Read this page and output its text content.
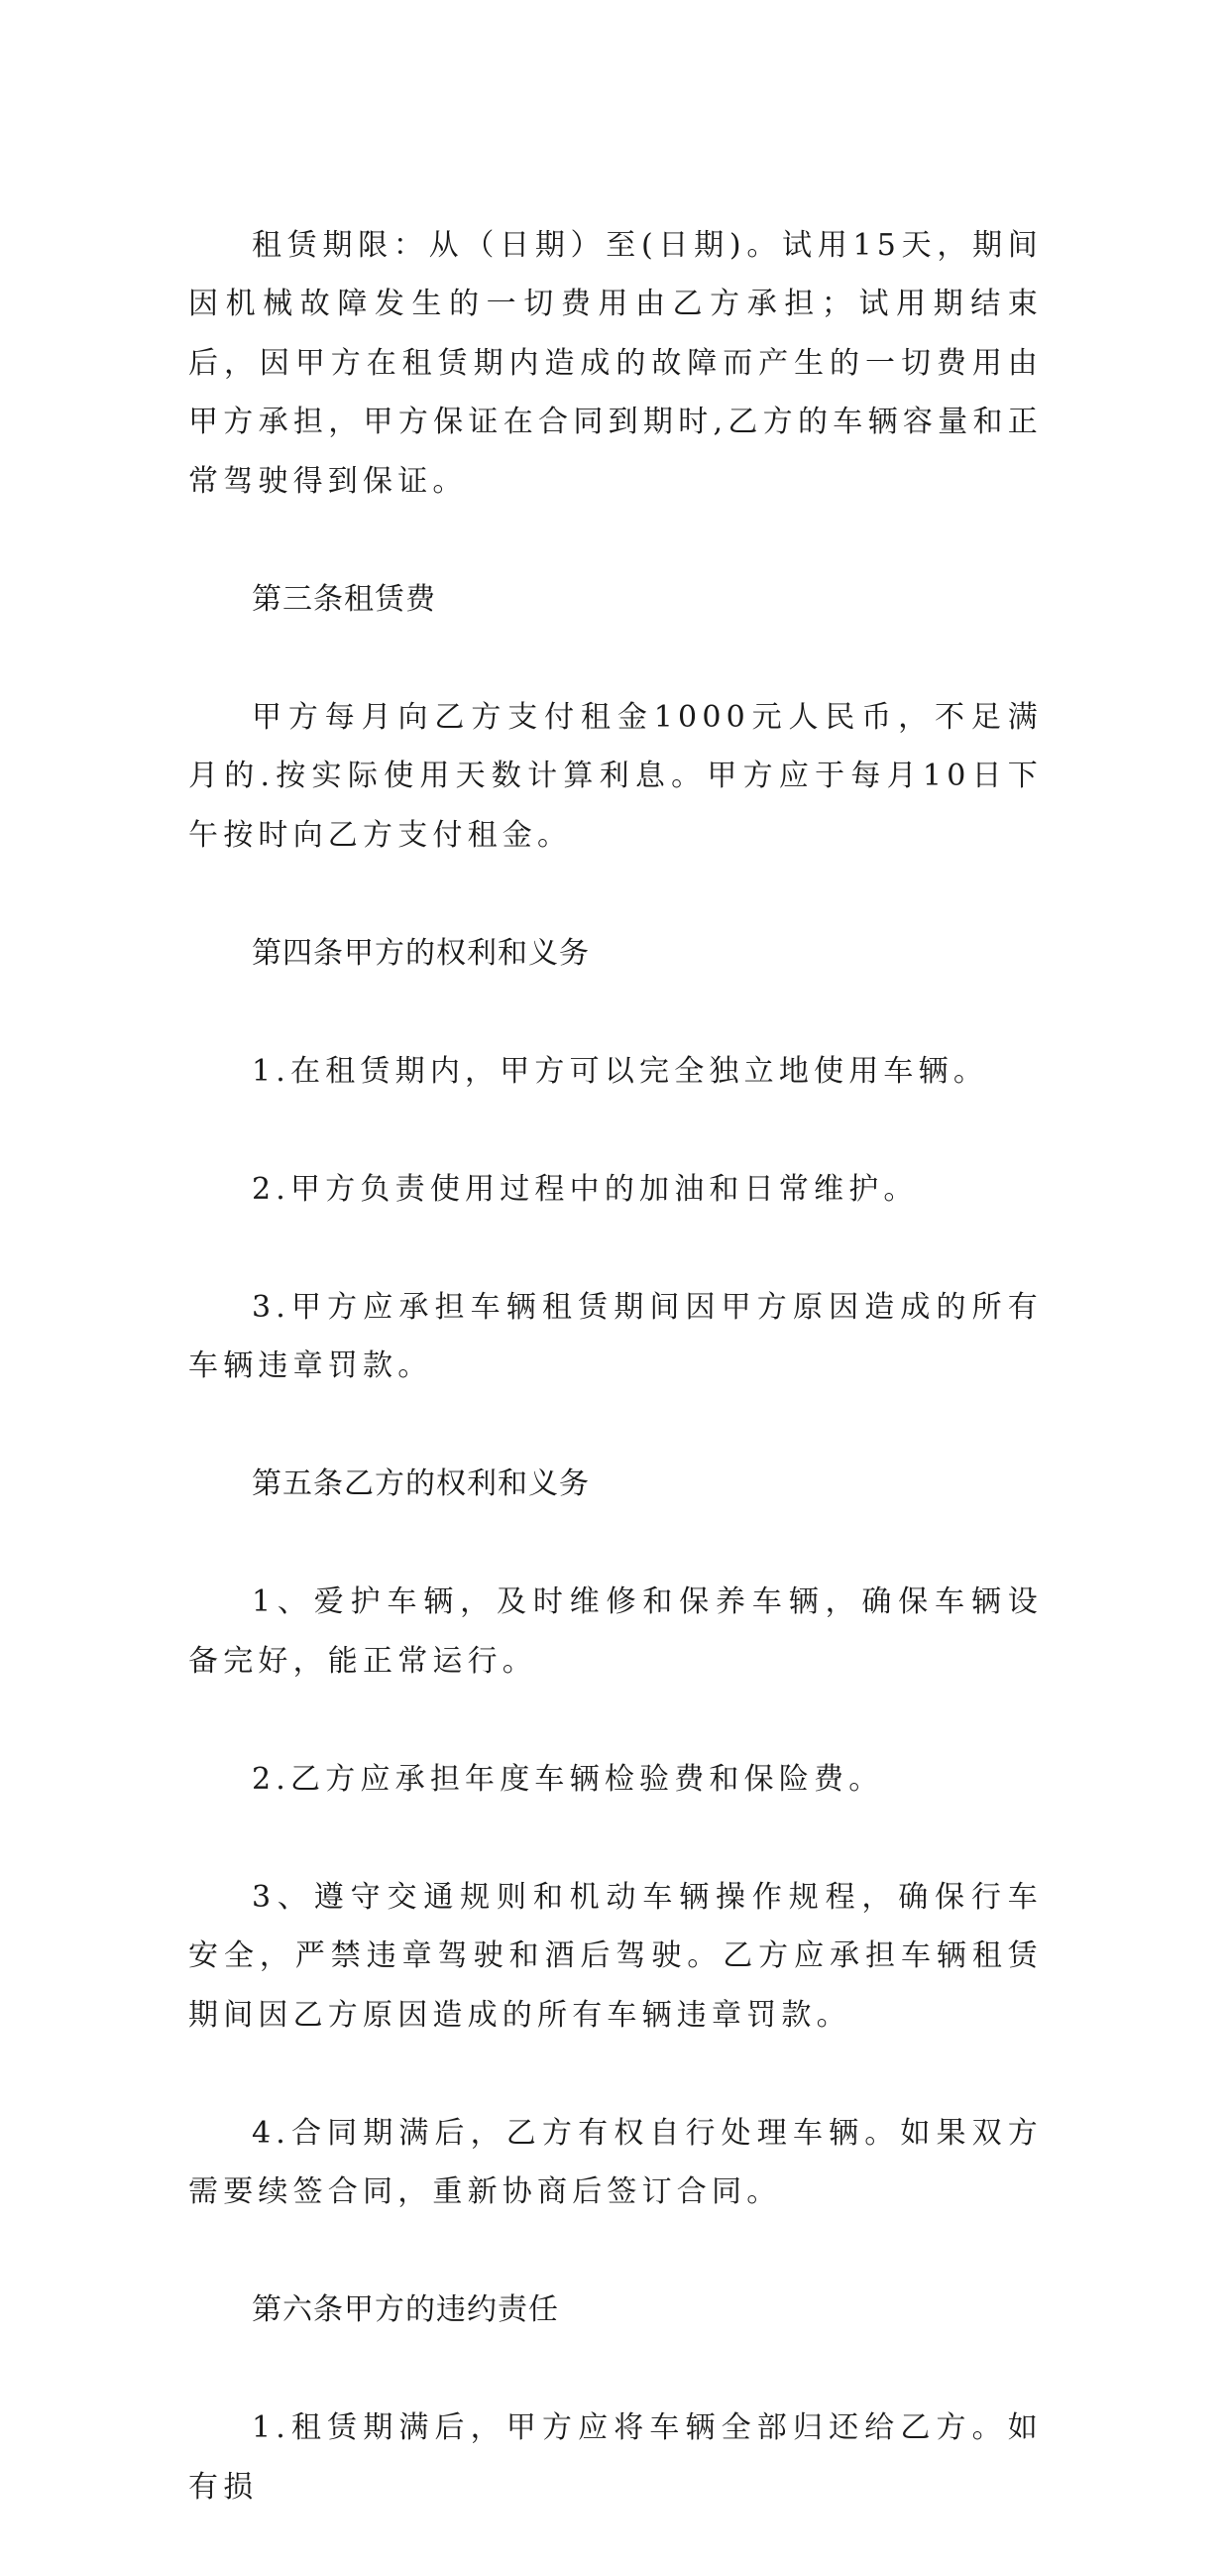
租赁期限：从（日期）至(日期)。试用15天，期间因机械故障发生的一切费用由乙方承担；试用期结束后，因甲方在租赁期内造成的故障而产生的一切费用由甲方承担，甲方保证在合同到期时,乙方的车辆容量和正常驾驶得到保证。

第三条租赁费

甲方每月向乙方支付租金1000元人民币，不足满月的.按实际使用天数计算利息。甲方应于每月10日下午按时向乙方支付租金。

第四条甲方的权利和义务

1.在租赁期内，甲方可以完全独立地使用车辆。

2.甲方负责使用过程中的加油和日常维护。

3.甲方应承担车辆租赁期间因甲方原因造成的所有车辆违章罚款。

第五条乙方的权利和义务

1、爱护车辆，及时维修和保养车辆，确保车辆设备完好，能正常运行。

2.乙方应承担年度车辆检验费和保险费。

3、遵守交通规则和机动车辆操作规程，确保行车安全，严禁违章驾驶和酒后驾驶。乙方应承担车辆租赁期间因乙方原因造成的所有车辆违章罚款。

4.合同期满后，乙方有权自行处理车辆。如果双方需要续签合同，重新协商后签订合同。

第六条甲方的违约责任

1.租赁期满后，甲方应将车辆全部归还给乙方。如有损
